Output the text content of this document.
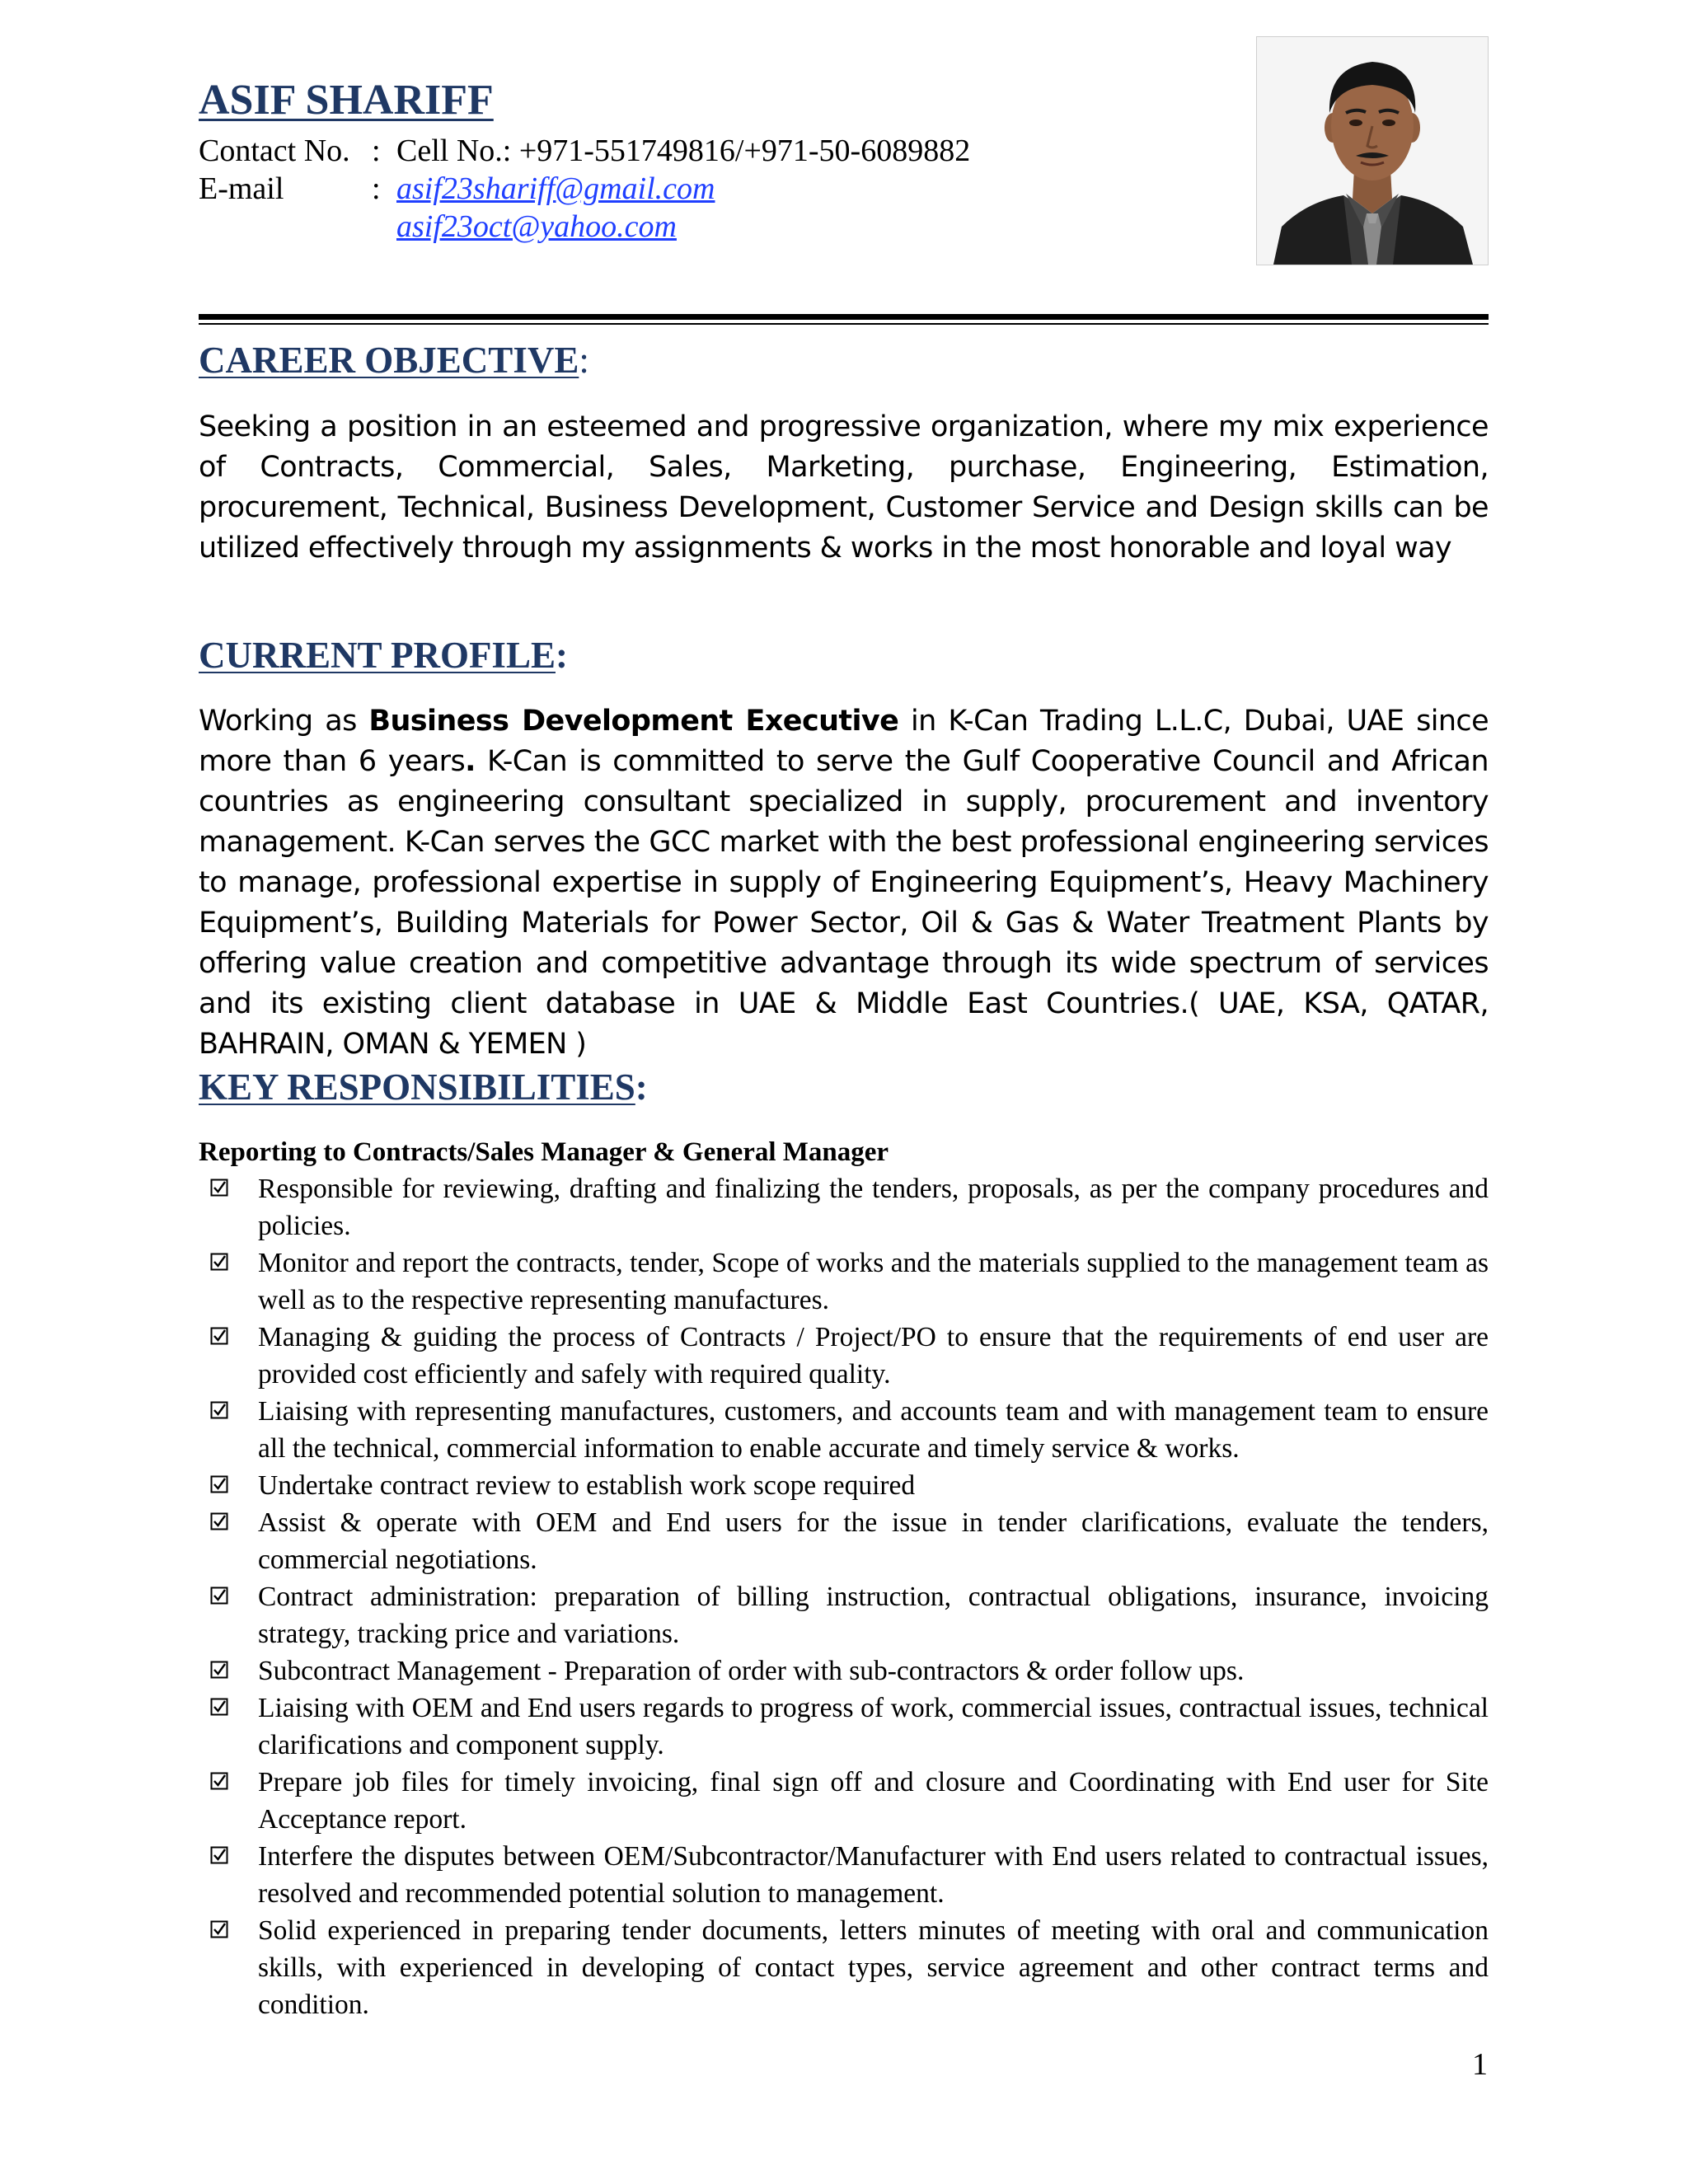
ASIF SHARIFF
Contact No. : Cell No.: +971-551749816/+971-50-6089882
E-mail	: asif23shariff@gmail.com
asif23oct@yahoo.com
CAREER OBJECTIVE:

Seeking a position in an esteemed and progressive organization, where my mix experience of Contracts, Commercial, Sales, Marketing, purchase, Engineering, Estimation, procurement, Technical, Business Development, Customer Service and Design skills can be utilized effectively through my assignments & works in the most honorable and loyal way

CURRENT PROFILE:

Working as Business Development Executive in K-Can Trading L.L.C, Dubai, UAE since more than 6 years. K-Can is committed to serve the Gulf Cooperative Council and African countries as engineering consultant specialized in supply, procurement and inventory management. K-Can serves the GCC market with the best professional engineering services to manage, professional expertise in supply of Engineering Equipment’s, Heavy Machinery Equipment’s, Building Materials for Power Sector, Oil & Gas & Water Treatment Plants by offering value creation and competitive advantage through its wide spectrum of services and its existing client database in UAE & Middle East Countries.( UAE, KSA, QATAR, BAHRAIN, OMAN & YEMEN )

KEY RESPONSIBILITIES:
Reporting to Contracts/Sales Manager & General Manager
Responsible for reviewing, drafting and finalizing the tenders, proposals, as per the company procedures and policies.
Monitor and report the contracts, tender, Scope of works and the materials supplied to the management team as well as to the respective representing manufactures.
Managing & guiding the process of Contracts / Project/PO to ensure that the requirements of end user are provided cost efficiently and safely with required quality.
Liaising with representing manufactures, customers, and accounts team and with management team to ensure all the technical, commercial information to enable accurate and timely service & works.
Undertake contract review to establish work scope required
Assist & operate with OEM and End users for the issue in tender clarifications, evaluate the tenders, commercial negotiations.
Contract administration: preparation of billing instruction, contractual obligations, insurance, invoicing strategy, tracking price and variations.
Subcontract Management - Preparation of order with sub-contractors & order follow ups.
Liaising with OEM and End users regards to progress of work, commercial issues, contractual issues, technical clarifications and component supply.
Prepare job files for timely invoicing, final sign off and closure and Coordinating with End user for Site Acceptance report.
Interfere the disputes between OEM/Subcontractor/Manufacturer with End users related to contractual issues, resolved and recommended potential solution to management.
Solid experienced in preparing tender documents, letters minutes of meeting with oral and communication skills, with experienced in developing of contact types, service agreement and other contract terms and condition.
1
